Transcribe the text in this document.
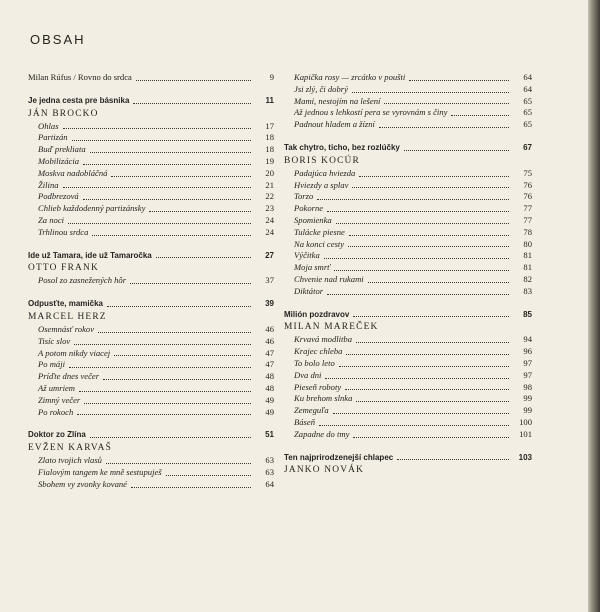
OBSAH
Milan Rúfus / Rovno do srdca	9
Je jedna cesta pre básnika	11
JÁN BROCKO
Ohlas	17
Partizán	18
Buď prekliata	18
Mobilizácia	19
Moskva nadobláčná	20
Žilina	21
Podbrezová	22
Chlieb každodenný partizánsky	23
Za noci	24
Trhlinou srdca	24
Ide už Tamara, ide už Tamaročka	27
OTTO FRANK
Posol zo zasnežených hôr	37
Odpusťte, mamička	39
MARCEL HERZ
Osemnásť rokov	46
Tisíc slov	46
A potom nikdy viacej	47
Po máji	47
Príďte dnes večer	48
Až umriem	48
Zimný večer	49
Po rokoch	49
Doktor zo Zlína	51
EVŽEN KARVAŠ
Zlato tvojich vlasů	63
Fialovým tangem ke mně sestupuješ	63
Sbohem vy zvonky kované	64
Kapička rosy — zrcátko v poušti	64
Jsi zlý, či dobrý	64
Mami, nestojím na lešení	65
Až jednou s lehkostí pera se vyrovnám s činy	65
Padnout hladem a žízní	65
Tak chytro, ticho, bez rozlúčky	67
BORIS KOCÚR
Padajúca hviezda	75
Hviezdy a splav	76
Torzo	76
Pokorne	77
Spomienka	77
Tulácke piesne	78
Na konci cesty	80
Výčitka	81
Moja smrť	81
Chvenie nad rukami	82
Diktátor	83
Milión pozdravov	85
MILAN MAREČEK
Krvavá modlitba	94
Krajec chleba	96
To bolo leto	97
Dva dni	97
Pieseň roboty	98
Ku brehom slnka	99
Zemeguľa	99
Báseň	100
Zapadne do tmy	101
Ten najprirodzenejší chlapec	103
JANKO NOVÁK
